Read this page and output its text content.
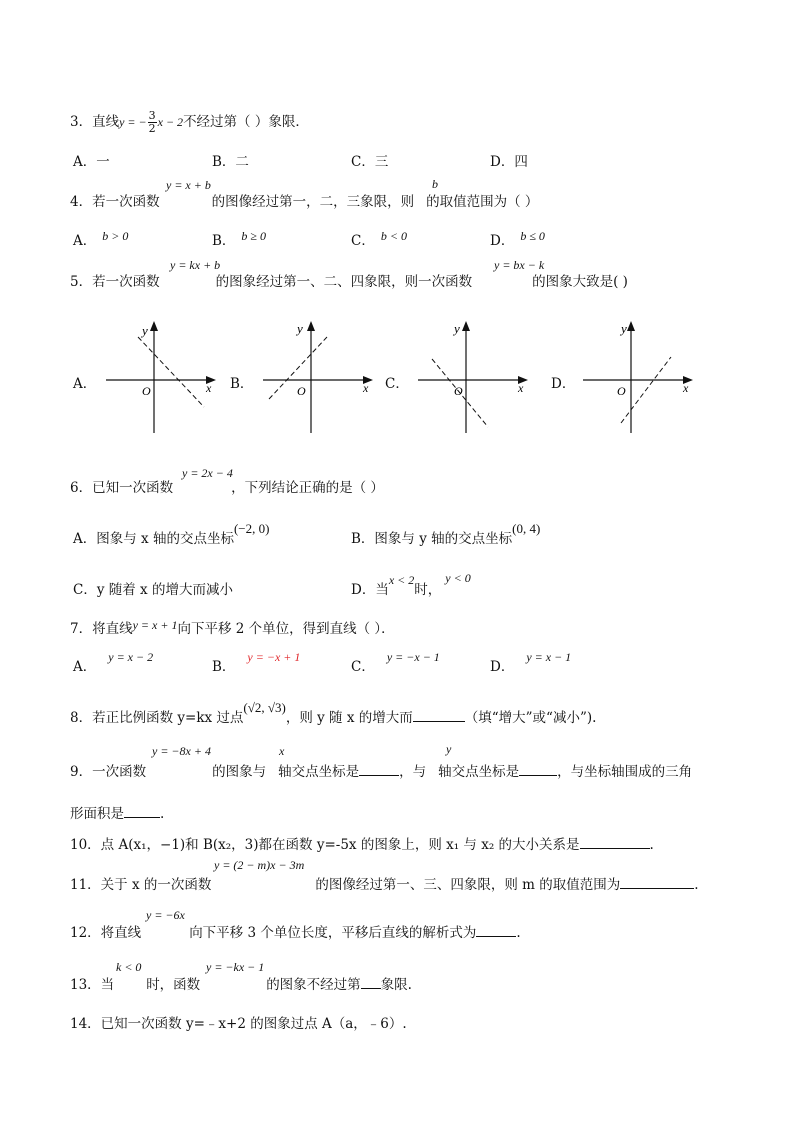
3．直线y = − $\frac{3}{2}$ x − 2不经过第（ ）象限．
A．一	B．二	C．三	D．四
y = x + b	b
4．若一次函数	的图像经过第一，二，三象限，则 的取值范围为（ ）
A． b > 0	B． b ≥ 0	C． b < 0	D． b ≤ 0
y = kx + b	y = bx − k
5．若一次函数	的图象经过第一、二、四象限，则一次函数	的图象大致是( )
A．	B．	C．	D．
y
x
O
y
x
O
y
x
O
y
x
O
y = 2x − 4
6．已知一次函数	，下列结论正确的是（ ）
A．图象与 x 轴的交点坐标(−2, 0)
B．图象与 y 轴的交点坐标(0, 4)
C．y 随着 x 的增大而减小	D．当x < 2时，y < 0
7．将直线y = x + 1向下平移 2 个单位，得到直线（ ）．
A．y = x − 2
B．y = −x + 1
C．y = −x − 1
D．y = x − 1
8．若正比例函数 y=kx 过点(√2, √3)，则 y 随 x 的增大而	（填“增大”或“减小”).
y = −8x + 4	x	y
9．一次函数	的图象与 轴交点坐标是	，与 轴交点坐标是	，与坐标轴围成的三角
形面积是	.
10．点 A(x₁，−1)和 B(x₂，3)都在函数 y=-5x 的图象上，则 x₁ 与 x₂ 的大小关系是	.
y = (2 − m)x − 3m
11．关于 x 的一次函数	的图像经过第一、三、四象限，则 m 的取值范围为	.
y = −6x
12．将直线	向下平移 3 个单位长度，平移后直线的解析式为	.
k < 0	y = −kx − 1
13．当 时，函数	的图象不经过第 象限.
14．已知一次函数 y=﹣x+2 的图象过点 A（a，﹣6）.
